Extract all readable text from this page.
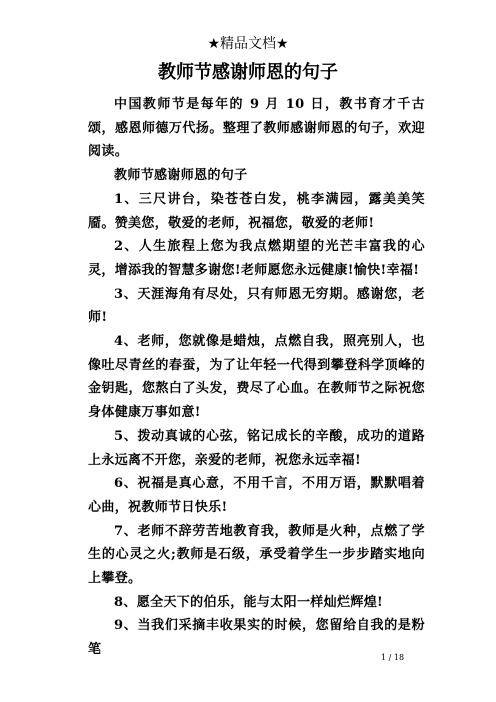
★精品文档★
教师节感谢师恩的句子

中国教师节是每年的 9 月 10 日，教书育才千古颂，感恩师德万代扬。整理了教师感谢师恩的句子，欢迎阅读。

教师节感谢师恩的句子

1、三尺讲台，染苍苍白发，桃李满园，露美美笑靥。赞美您，敬爱的老师，祝福您，敬爱的老师!

2、人生旅程上您为我点燃期望的光芒丰富我的心灵，增添我的智慧多谢您!老师愿您永远健康!愉快!幸福!

3、天涯海角有尽处，只有师恩无穷期。感谢您，老师!

4、老师，您就像是蜡烛，点燃自我，照亮别人，也像吐尽青丝的春蚕，为了让年轻一代得到攀登科学顶峰的金钥匙，您熬白了头发，费尽了心血。在教师节之际祝您身体健康万事如意!

5、拨动真诚的心弦，铭记成长的辛酸，成功的道路上永远离不开您，亲爱的老师，祝您永远幸福!

6、祝福是真心意，不用千言，不用万语，默默唱着心曲，祝教师节日快乐!

7、老师不辞劳苦地教育我，教师是火种，点燃了学生的心灵之火;教师是石级，承受着学生一步步踏实地向上攀登。

8、愿全天下的伯乐，能与太阳一样灿烂辉煌!

9、当我们采摘丰收果实的时候，您留给自我的是粉笔

1 / 18
